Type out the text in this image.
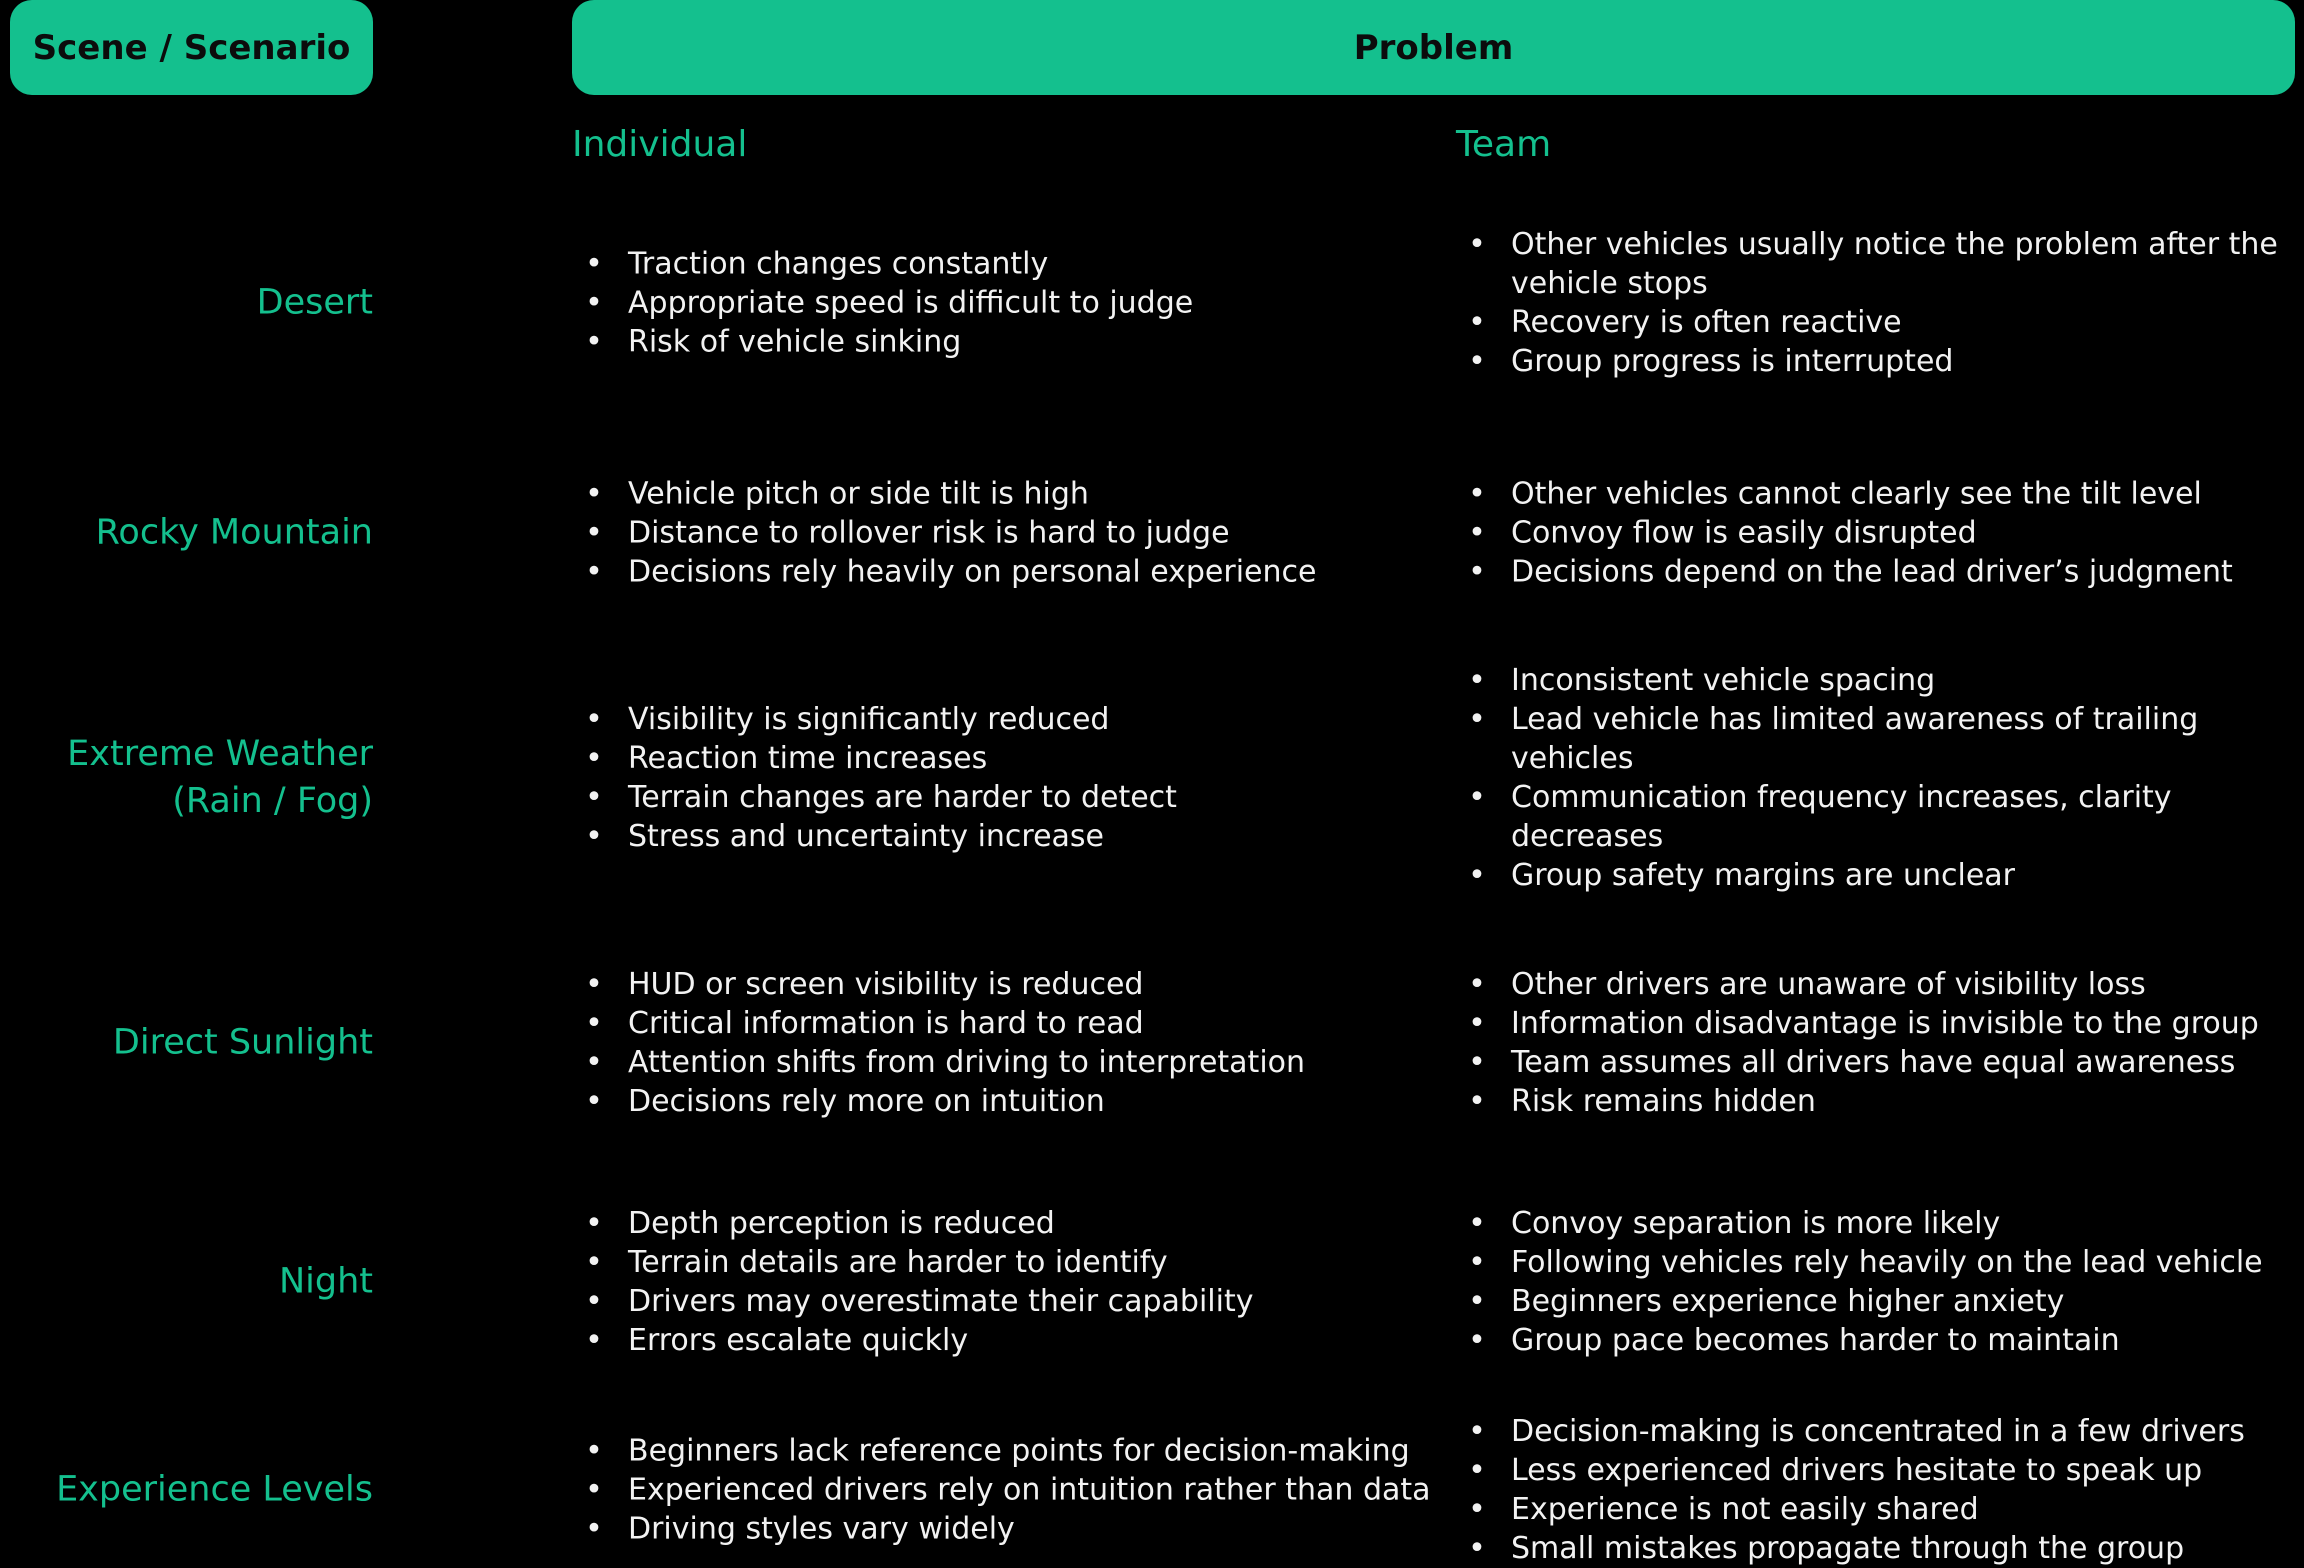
Scene / Scenario	Problem
Individual	Team
Desert
• Traction changes constantly
• Appropriate speed is difficult to judge
• Risk of vehicle sinking
• Other vehicles usually notice the problem after the vehicle stops
• Recovery is often reactive
• Group progress is interrupted
Rocky Mountain
• Vehicle pitch or side tilt is high
• Distance to rollover risk is hard to judge
• Decisions rely heavily on personal experience
• Other vehicles cannot clearly see the tilt level
• Convoy flow is easily disrupted
• Decisions depend on the lead driver’s judgment
Extreme Weather
(Rain / Fog)
• Visibility is significantly reduced
• Reaction time increases
• Terrain changes are harder to detect
• Stress and uncertainty increase
• Inconsistent vehicle spacing
• Lead vehicle has limited awareness of trailing vehicles
• Communication frequency increases, clarity decreases
• Group safety margins are unclear
Direct Sunlight
• HUD or screen visibility is reduced
• Critical information is hard to read
• Attention shifts from driving to interpretation
• Decisions rely more on intuition
• Other drivers are unaware of visibility loss
• Information disadvantage is invisible to the group
• Team assumes all drivers have equal awareness
• Risk remains hidden
Night
• Depth perception is reduced
• Terrain details are harder to identify
• Drivers may overestimate their capability
• Errors escalate quickly
• Convoy separation is more likely
• Following vehicles rely heavily on the lead vehicle
• Beginners experience higher anxiety
• Group pace becomes harder to maintain
Experience Levels
• Beginners lack reference points for decision-making
• Experienced drivers rely on intuition rather than data
• Driving styles vary widely
• Decision-making is concentrated in a few drivers
• Less experienced drivers hesitate to speak up
• Experience is not easily shared
• Small mistakes propagate through the group
